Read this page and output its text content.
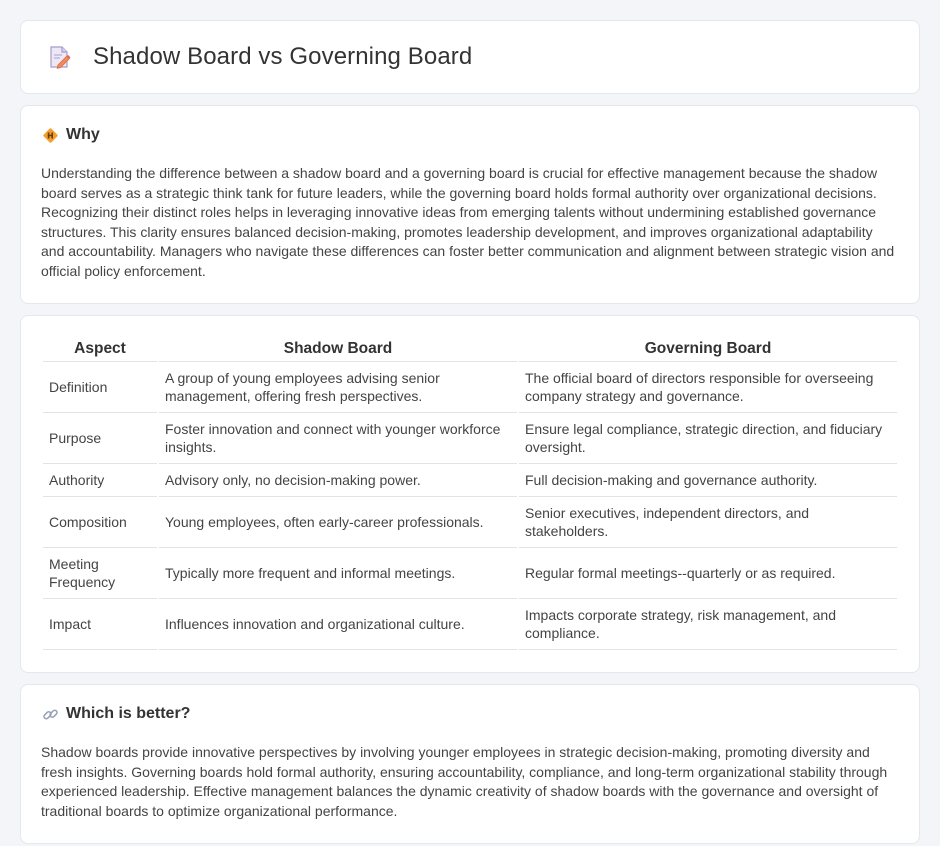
Shadow Board vs Governing Board
Why

Understanding the difference between a shadow board and a governing board is crucial for effective management because the shadow board serves as a strategic think tank for future leaders, while the governing board holds formal authority over organizational decisions. Recognizing their distinct roles helps in leveraging innovative ideas from emerging talents without undermining established governance structures. This clarity ensures balanced decision-making, promotes leadership development, and improves organizational adaptability and accountability. Managers who navigate these differences can foster better communication and alignment between strategic vision and official policy enforcement.

Aspect	Shadow Board	Governing Board
Definition	A group of young employees advising senior management, offering fresh perspectives.	The official board of directors responsible for overseeing company strategy and governance.
Purpose	Foster innovation and connect with younger workforce insights.	Ensure legal compliance, strategic direction, and fiduciary oversight.
Authority	Advisory only, no decision-making power.	Full decision-making and governance authority.
Composition	Young employees, often early-career professionals.	Senior executives, independent directors, and stakeholders.
Meeting Frequency	Typically more frequent and informal meetings.	Regular formal meetings--quarterly or as required.
Impact	Influences innovation and organizational culture.	Impacts corporate strategy, risk management, and compliance.
Which is better?

Shadow boards provide innovative perspectives by involving younger employees in strategic decision-making, promoting diversity and fresh insights. Governing boards hold formal authority, ensuring accountability, compliance, and long-term organizational stability through experienced leadership. Effective management balances the dynamic creativity of shadow boards with the governance and oversight of traditional boards to optimize organizational performance.
